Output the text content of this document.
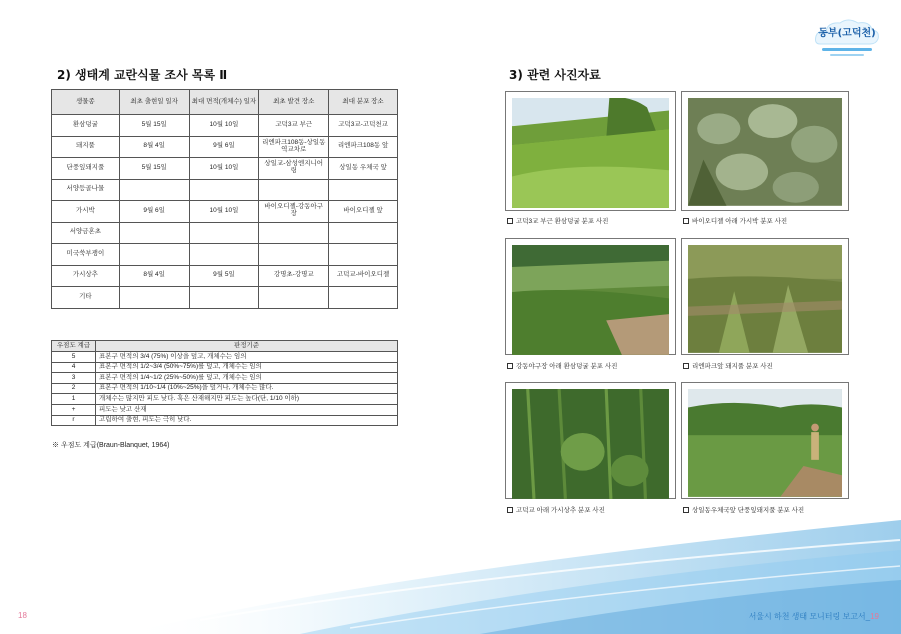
동부(고덕천)
2) 생태계 교란식물 조사 목록 Ⅱ
생물종	최초 출현일 일자	최대 면적(개체수) 일자	최초 발견 장소	최대 분포 장소
환삼덩굴	5월 15일	10월 10일	고덕3교 부근	고덕3교-고덕천교
돼지풀	8월 4일	9월 6일	리엔파크108동-상일동역교차로	리엔파크108동 앞
단풍잎돼지풀	5월 15일	10월 10일	상일교-삼성엔지니어링	상일동 우체국 앞
서양등골나물				
가시박	9월 6일	10월 10일	바이오디젤-강동아구장	바이오디젤 앞
서양금혼초				
미국쑥부쟁이				
가시상추	8월 4일	9월 5일	강명초-강명교	고덕교-바이오디젤
기타				
우점도 계급	판정기준
5	표본구 면적의 3/4 (75%) 이상을 덮고, 개체수는 임의
4	표본구 면적의 1/2~3/4 (50%~75%)를 덮고, 개체수는 임의
3	표본구 면적의 1/4~1/2 (25%~50%)를 덮고, 개체수는 임의
2	표본구 면적의 1/10~1/4 (10%~25%)을 덮거나, 개체수는 많다.
1	개체수는 많지만 피도 낮다. 혹은 산재해지만 피도는 높다(단, 1/10 이하)
+	피도는 낮고 산재
r	고립하여 출현, 피도는 극히 낮다.
※ 우점도 계급(Braun-Blanquet, 1964)
3) 관련 사진자료
고덕3교 부근 환삼덩굴 분포 사진	바이오디젤 아래 가시박 분포 사진
강동야구장 아래 환삼덩굴 분포 사진	리엔파크앞 돼지풀 분포 사진
고덕교 아래 가시상추 분포 사진	상일동우체국앞 단풍잎돼지풀 분포 사진
18	서울시 하천 생태 모니터링 보고서_19
